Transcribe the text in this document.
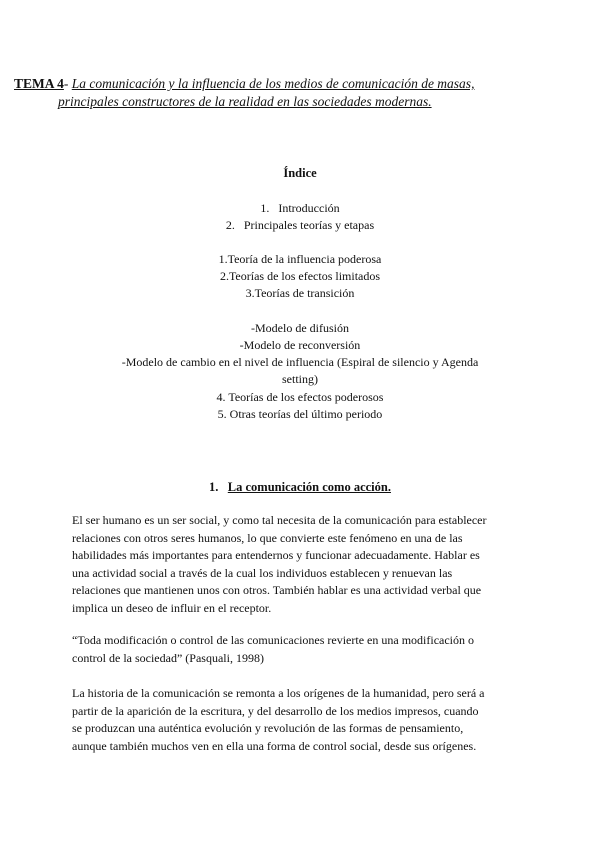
TEMA 4- La comunicación y la influencia de los medios de comunicación de masas,
principales constructores de la realidad en las sociedades modernas.
Índice
1.   Introducción
2.   Principales teorías y etapas
1.Teoría de la influencia poderosa
2.Teorías de los efectos limitados
3.Teorías de transición
-Modelo de difusión
-Modelo de reconversión
-Modelo de cambio en el nivel de influencia (Espiral de silencio y Agenda
setting)
4. Teorías de los efectos poderosos
5. Otras teorías del último periodo
1. La comunicación como acción.
El ser humano es un ser social, y como tal necesita de la comunicación para establecer
relaciones con otros seres humanos, lo que convierte este fenómeno en una de las
habilidades más importantes para entendernos y funcionar adecuadamente. Hablar es
una actividad social a través de la cual los individuos establecen y renuevan las
relaciones que mantienen unos con otros. También hablar es una actividad verbal que
implica un deseo de influir en el receptor.
“Toda modificación o control de las comunicaciones revierte en una modificación o
control de la sociedad” (Pasquali, 1998)
La historia de la comunicación se remonta a los orígenes de la humanidad, pero será a
partir de la aparición de la escritura, y del desarrollo de los medios impresos, cuando
se produzcan una auténtica evolución y revolución de las formas de pensamiento,
aunque también muchos ven en ella una forma de control social, desde sus orígenes.
